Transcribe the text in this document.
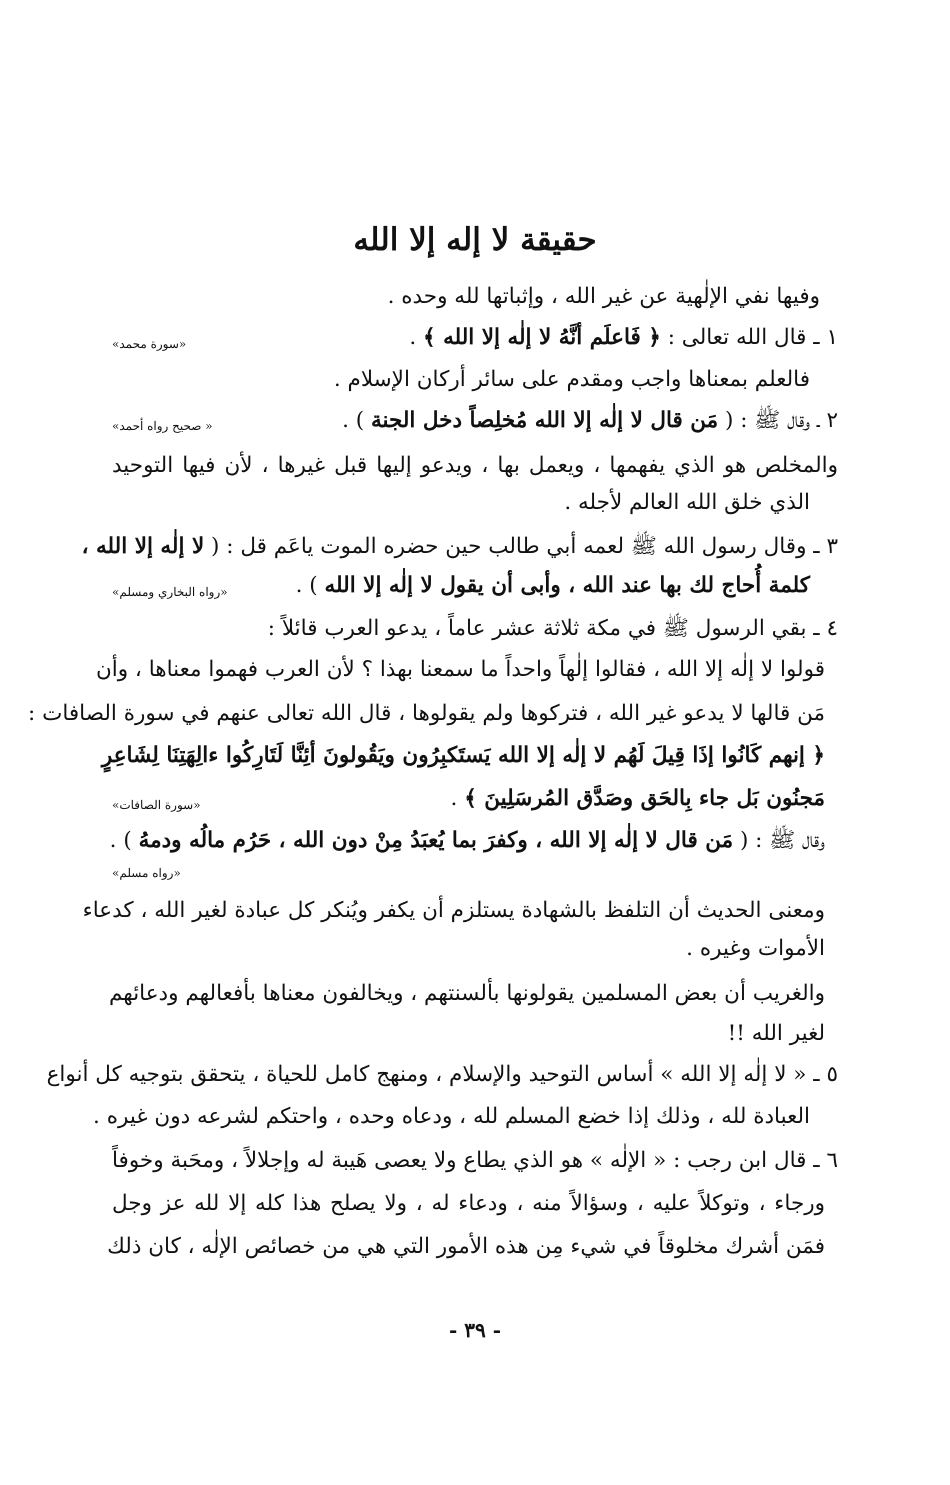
حقيقة لا إله إلا الله
وفيها نفي الإلٰهية عن غير الله ، وإثباتها لله وحده .
١ ـ قال الله تعالى : ﴿ فَاعلَم أنَّهُ لا إلٰه إلا الله ﴾ .
«سورة محمد»
فالعلم بمعناها واجب ومقدم على سائر أركان الإسلام .
٢ ـ وقال ﷺ : ( مَن قال لا إلٰه إلا الله مُخلِصاً دخل الجنة ) .
« صحيح رواه أحمد»
والمخلص هو الذي يفهمها ، ويعمل بها ، ويدعو إليها قبل غيرها ، لأن فيها التوحيد
الذي خلق الله العالم لأجله .
٣ ـ وقال رسول الله ﷺ لعمه أبي طالب حين حضره الموت ياعَم قل : ( لا إلٰه إلا الله ،
كلمة أُحاج لك بها عند الله ، وأبى أن يقول لا إلٰه إلا الله ) .
«رواه البخاري ومسلم»
٤ ـ بقي الرسول ﷺ في مكة ثلاثة عشر عاماً ، يدعو العرب قائلاً :
قولوا لا إلٰه إلا الله ، فقالوا إلٰهاً واحداً ما سمعنا بهذا ؟ لأن العرب فهموا معناها ، وأن
مَن قالها لا يدعو غير الله ، فتركوها ولم يقولوها ، قال الله تعالى عنهم في سورة الصافات :
﴿ إنهم كَانُوا إذَا قِيلَ لَهُم لا إلٰه إلا الله يَستَكبِرُون ويَقُولونَ أئِنَّا لَتَارِكُوا ءالِهَتِنَا لِشَاعِرٍ
مَجنُون بَل جاء بِالحَق وصَدَّق المُرسَلِينَ ﴾ .
«سورة الصافات»
وقال ﷺ : ( مَن قال لا إلٰه إلا الله ، وكفرَ بما يُعبَدُ مِنْ دون الله ، حَرُم مالُه ودمهُ ) .
«رواه مسلم»
ومعنى الحديث أن التلفظ بالشهادة يستلزم أن يكفر ويُنكر كل عبادة لغير الله ، كدعاء
الأموات وغيره .
والغريب أن بعض المسلمين يقولونها بألسنتهم ، ويخالفون معناها بأفعالهم ودعائهم
لغير الله !!
٥ ـ « لا إلٰه إلا الله » أساس التوحيد والإسلام ، ومنهج كامل للحياة ، يتحقق بتوجيه كل أنواع
العبادة لله ، وذلك إذا خضع المسلم لله ، ودعاه وحده ، واحتكم لشرعه دون غيره .
٦ ـ قال ابن رجب : « الإلٰه » هو الذي يطاع ولا يعصى هَيبة له وإجلالاً ، ومحَبة وخوفاً
ورجاء ، وتوكلاً عليه ، وسؤالاً منه ، ودعاء له ، ولا يصلح هذا كله إلا لله عز وجل
فمَن أشرك مخلوقاً في شيء مِن هذه الأمور التي هي من خصائص الإلٰه ، كان ذلك
- ٣٩ -
